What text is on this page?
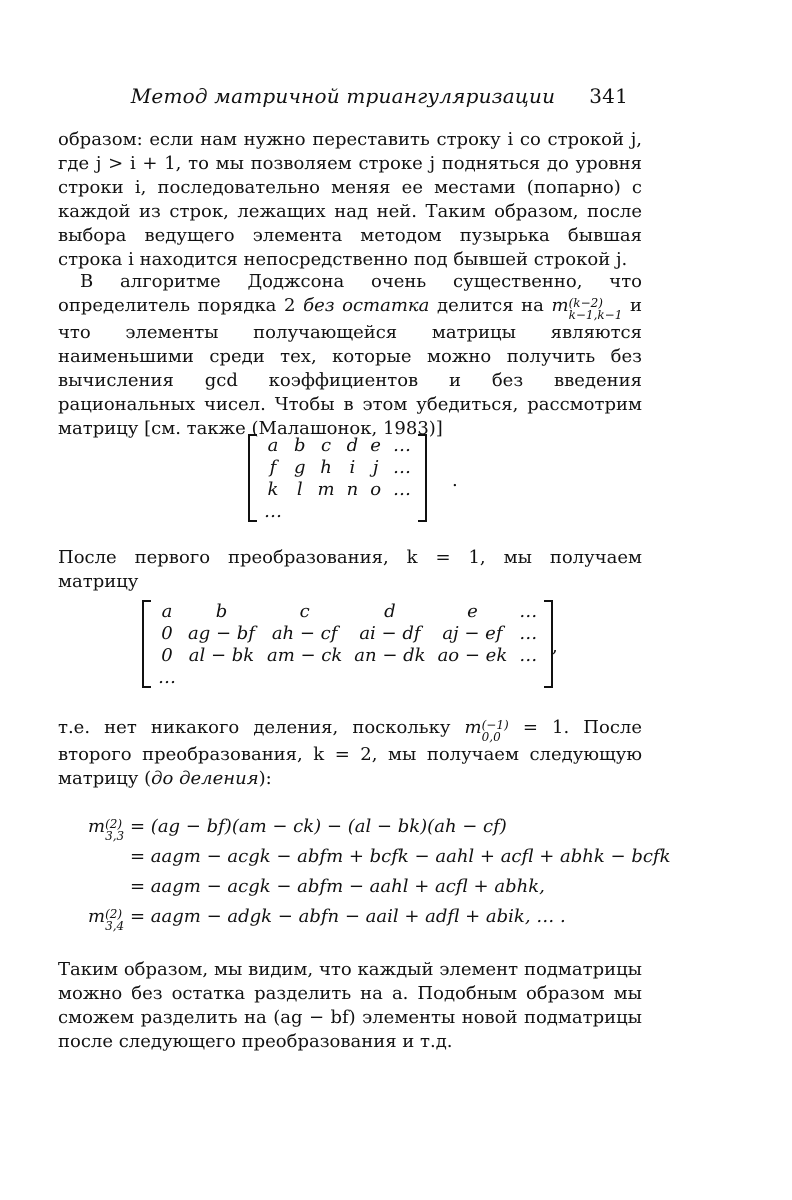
Метод матричной триангуляризации 341

образом: если нам нужно переставить строку i со строкой j, где j > i + 1, то мы позволяем строке j подняться до уровня строки i, последовательно меняя ее местами (попарно) с каждой из строк, лежащих над ней. Таким образом, после выбора ведущего элемента методом пузырька бывшая строка i находится непосредственно под бывшей строкой j.

В алгоритме Доджсона очень существенно, что определитель порядка 2 без остатка делится на m (k−2)
k−1,k−1 и что элементы получающейся матрицы являются наименьшими среди тех, которые можно получить без вычисления gcd коэффициентов и без введения рациональных чисел. Чтобы в этом убедиться, рассмотрим матрицу [см. также (Малашонок, 1983)]

a	b	c	d	e	…
f	g	h	i	j	…
k	l	m	n	o	…
…					
.

После первого преобразования, k = 1, мы получаем матрицу

a	b	c	d	e	…
0	ag − bf	ah − cf	ai − df	aj − ef	…
0	al − bk	am − ck	an − dk	ao − ek	…
…					
,

т.е. нет никакого деления, поскольку m (−1)
0,0	= 1. После второго преобразования, k = 2, мы получаем следующую матрицу (до деления):

m (2)
3,3 = (ag − bf)(am − ck) − (al − bk)(ah − cf)
= aagm − acgk − abfm + bcfk − aahl + acfl + abhk − bcfk
= aagm − acgk − abfm − aahl + acfl + abhk,
m (2)
3,4 = aagm − adgk − abfn − aail + adfl + abik, … .

Таким образом, мы видим, что каждый элемент подматрицы можно без остатка разделить на a. Подобным образом мы сможем разделить на (ag − bf) элементы новой подматрицы после следующего преобразования и т.д.
